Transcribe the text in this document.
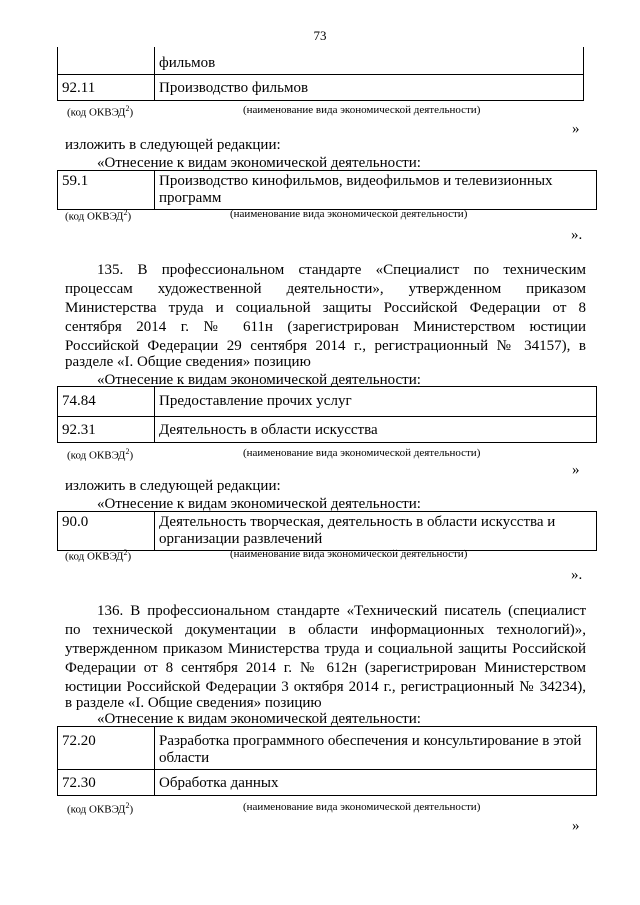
73
	фильмов
92.11	Производство фильмов
(код ОКВЭД$^2$)	(наименование вида экономической деятельности)
»
изложить в следующей редакции:
«Отнесение к видам экономической деятельности:
59.1	Производство кинофильмов, видеофильмов и телевизионных программ
(код ОКВЭД$^2$)	(наименование вида экономической деятельности)
».
135. В профессиональном стандарте «Специалист по техническим
процессам художественной деятельности», утвержденном приказом
Министерства труда и социальной защиты Российской Федерации от 8
сентября 2014 г. № 611н (зарегистрирован Министерством юстиции
Российской Федерации 29 сентября 2014 г., регистрационный № 34157), в
разделе «I. Общие сведения» позицию
«Отнесение к видам экономической деятельности:
74.84	Предоставление прочих услуг
92.31	Деятельность в области искусства
(код ОКВЭД$^2$)	(наименование вида экономической деятельности)
»
изложить в следующей редакции:
«Отнесение к видам экономической деятельности:
90.0	Деятельность творческая, деятельность в области искусства и организации развлечений
(код ОКВЭД$^2$)	(наименование вида экономической деятельности)
».
136. В профессиональном стандарте «Технический писатель (специалист
по технической документации в области информационных технологий)»,
утвержденном приказом Министерства труда и социальной защиты Российской
Федерации от 8 сентября 2014 г. № 612н (зарегистрирован Министерством
юстиции Российской Федерации 3 октября 2014 г., регистрационный № 34234),
в разделе «I. Общие сведения» позицию
«Отнесение к видам экономической деятельности:
72.20	Разработка программного обеспечения и консультирование в этой области
72.30	Обработка данных
(код ОКВЭД$^2$)	(наименование вида экономической деятельности)
»
